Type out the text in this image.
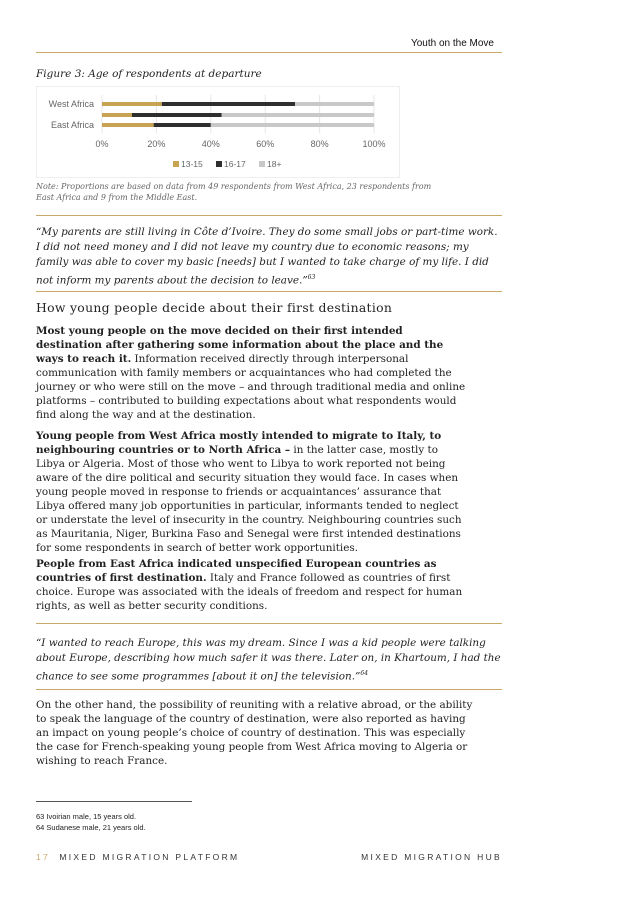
Youth on the Move
Figure 3: Age of respondents at departure
0%	20%	40%	60%	80%	100%
West Africa
East Africa
13-15	16-17	18+
Note: Proportions are based on data from 49 respondents from West Africa, 23 respondents from East Africa and 9 from the Middle East.
“My parents are still living in Côte d’Ivoire. They do some small jobs or part-time work. I did not need money and I did not leave my country due to economic reasons; my family was able to cover my basic [needs] but I wanted to take charge of my life. I did not inform my parents about the decision to leave.”$^{63}$
How young people decide about their first destination
Most young people on the move decided on their first intended destination after gathering some information about the place and the ways to reach it. Information received directly through interpersonal communication with family members or acquaintances who had completed the journey or who were still on the move – and through traditional media and online platforms – contributed to building expectations about what respondents would find along the way and at the destination.
Young people from West Africa mostly intended to migrate to Italy, to neighbouring countries or to North Africa – in the latter case, mostly to Libya or Algeria. Most of those who went to Libya to work reported not being aware of the dire political and security situation they would face. In cases when young people moved in response to friends or acquaintances’ assurance that Libya offered many job opportunities in particular, informants tended to neglect or understate the level of insecurity in the country. Neighbouring countries such as Mauritania, Niger, Burkina Faso and Senegal were first intended destinations for some respondents in search of better work opportunities.
People from East Africa indicated unspecified European countries as countries of first destination. Italy and France followed as countries of first choice. Europe was associated with the ideals of freedom and respect for human rights, as well as better security conditions.
“I wanted to reach Europe, this was my dream. Since I was a kid people were talking about Europe, describing how much safer it was there. Later on, in Khartoum, I had the chance to see some programmes [about it on] the television.”$^{64}$
On the other hand, the possibility of reuniting with a relative abroad, or the ability to speak the language of the country of destination, were also reported as having an impact on young people’s choice of country of destination. This was especially the case for French-speaking young people from West Africa moving to Algeria or wishing to reach France.
63 Ivoirian male, 15 years old.
64 Sudanese male, 21 years old.
17 MIXED MIGRATION PLATFORM	MIXED MIGRATION HUB
